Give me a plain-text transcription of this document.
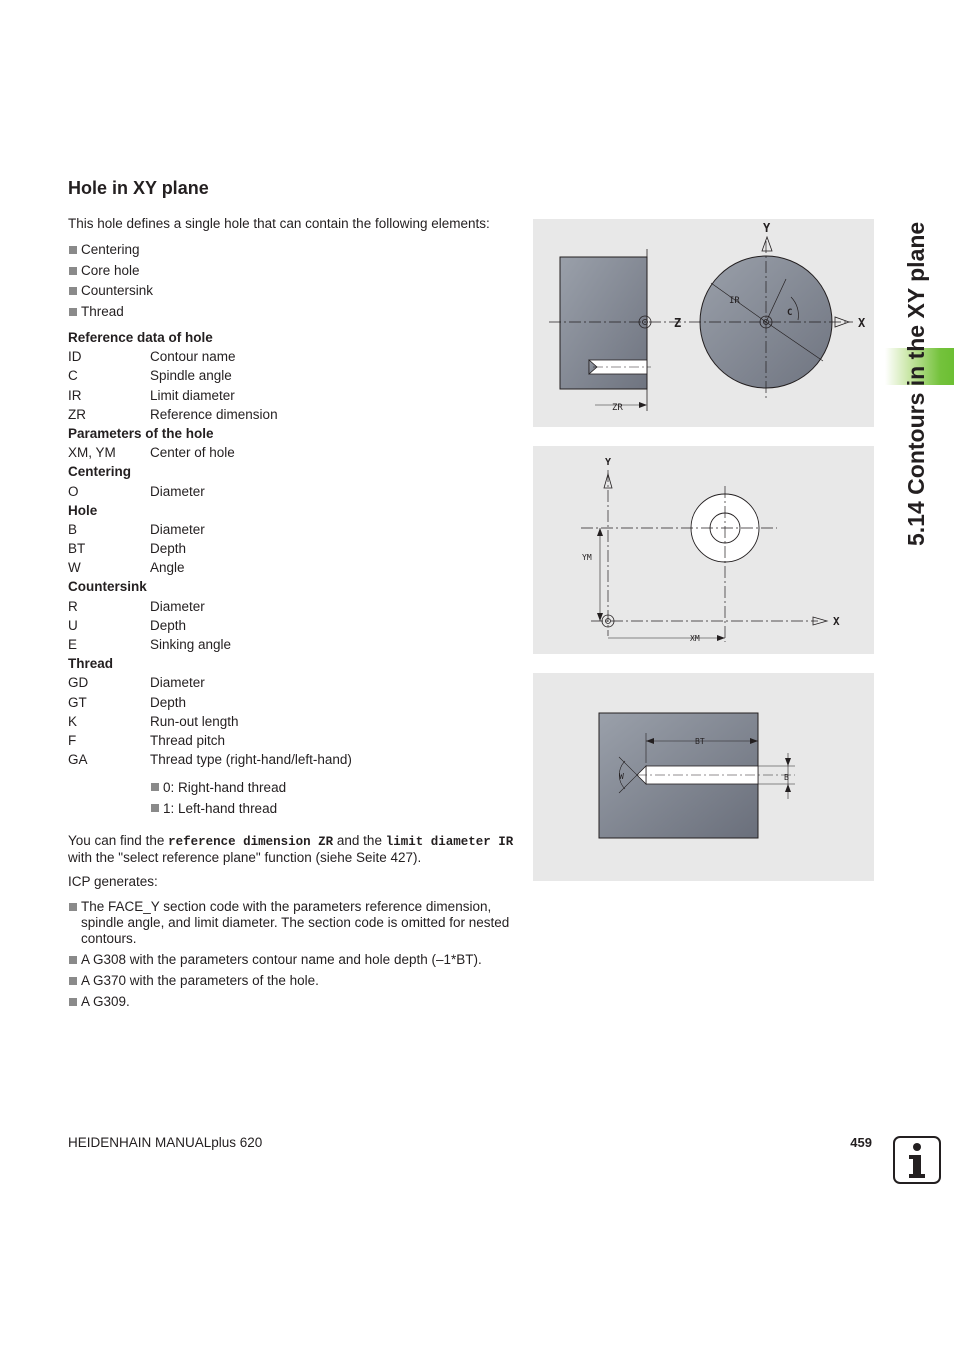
Hole in XY plane
This hole defines a single hole that can contain the following elements:
Centering
Core hole
Countersink
Thread
Reference data of hole
ID	Contour name
C	Spindle angle
IR	Limit diameter
ZR	Reference dimension
Parameters of the hole
XM, YM	Center of hole
Centering
O	Diameter
Hole
B	Diameter
BT	Depth
W	Angle
Countersink
R	Diameter
U	Depth
E	Sinking angle
Thread
GD	Diameter
GT	Depth
K	Run-out length
F	Thread pitch
GA	Thread type (right-hand/left-hand)
0: Right-hand thread
1: Left-hand thread
You can find the reference dimension ZR and the limit diameter IR with the "select reference plane" function (siehe Seite 427).
ICP generates:
The FACE_Y section code with the parameters reference dimension, spindle angle, and limit diameter. The section code is omitted for nested contours.
A G308 with the parameters contour name and hole depth (–1*BT).
A G370 with the parameters of the hole.
A G309.
Y
Z	X
IR
C
ZR
Y
X
YM
XM
BT
W	B
5.14 Contours in the XY plane
HEIDENHAIN MANUALplus 620	459
